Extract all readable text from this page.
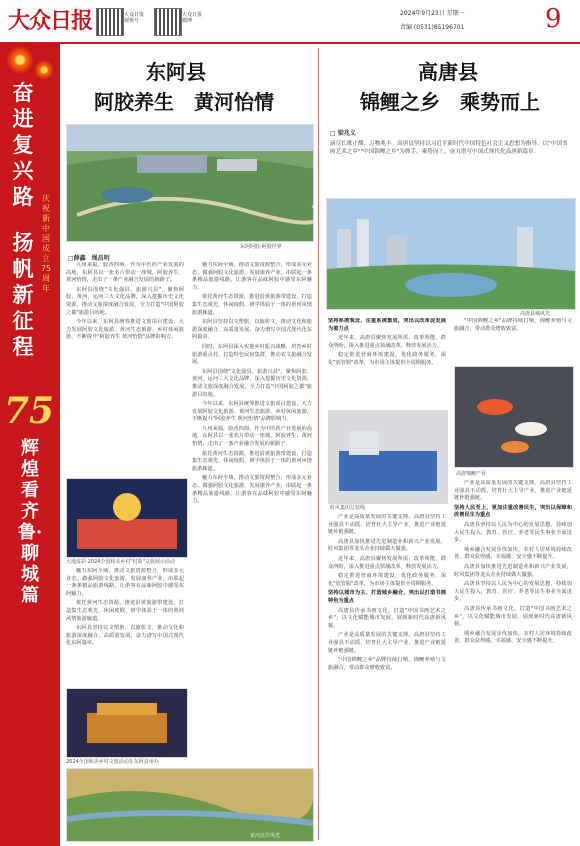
大众日报	大众日报视频号
大众日报微博
2024年9月23日 星期一
责编 (0531)85196701	9
奋进复兴路 庆祝新中国成立75周年
扬帆新征程
75
辉煌看齐鲁·聊城篇
东阿县
阿胶养生　黄河怡情
东阿阿胶·阿胶世界
□薛鑫　绳昌明

九州来福，胶香四海。作为中医药产业发展的高地，东阿县以一张名片带动一座城，阿胶养生、黄河怡情，走出了一条产业融合发展的新路子。

东阿县围绕"文化强县、旅游兴县"，聚焦阿胶、黄河、运河三大文化品牌，深入挖掘历史文化资源，推动文旅深度融合发展，全力打造"中国阿胶之都"旅游目的地。

今年以来，东阿县统筹推进文旅项目建设，大力发展阿胶文化旅游、黄河生态旅游、乡村休闲旅游，不断提升"阿胶养生 黄河怡情"品牌影响力。

魅力东阿全域，推动文旅资源整合，形成多元业态。做强阿胶文化旅游，发展康养产业，串联起一条条精品旅游线路，让游客在品味阿胶中感受东阿魅力。

依托黄河生态资源，推进沿黄旅游带建设，打造集生态观光、休闲度假、研学体验于一体的黄河风情旅游廊道。

东阿县坚持以文塑旅、以旅彰文，推动文化和旅游深度融合、高质量发展，奋力谱写中国式现代化东阿篇章。

同时，东阿县深入实施乡村振兴战略，培育乡村旅游重点村，打造特色民宿集群，推动农文旅融合发展。

东阿县围绕"文化强县、旅游兴县"，聚焦阿胶、黄河、运河三大文化品牌，深入挖掘历史文化资源，推动文旅深度融合发展，全力打造"中国阿胶之都"旅游目的地。

今年以来，东阿县统筹推进文旅项目建设，大力发展阿胶文化旅游、黄河生态旅游、乡村休闲旅游，不断提升"阿胶养生 黄河怡情"品牌影响力。

九州来福，胶香四海。作为中医药产业发展的高地，东阿县以一张名片带动一座城，阿胶养生、黄河怡情，走出了一条产业融合发展的新路子。

依托黄河生态资源，推进沿黄旅游带建设，打造集生态观光、休闲度假、研学体验于一体的黄河风情旅游廊道。

魅力东阿全域，推动文旅资源整合，形成多元业态。做强阿胶文化旅游，发展康养产业，串联起一条条精品旅游线路，让游客在品味阿胶中感受东阿魅力。

大地流彩·2024全国和美乡村"村晤"文旅展示活动

魅力东阿全域，推动文旅资源整合，形成多元业态。做强阿胶文化旅游，发展康养产业，串联起一条条精品旅游线路，让游客在品味阿胶中感受东阿魅力。

依托黄河生态资源，推进沿黄旅游带建设，打造集生态观光、休闲度假、研学体验于一体的黄河风情旅游廊道。

东阿县坚持以文塑旅、以旅彰文，推动文化和旅游深度融合、高质量发展，奋力谱写中国式现代化东阿篇章。

2024全国和美乡村文旅活动在东阿县举办
黄河北岸风光
高唐县
锦鲤之乡　乘势而上
□ 梁兆义
滴尽长歌正酣，万物兆丰。高唐县坚持以习近平新时代中国特色社会主义思想为指导，以"中国书画艺术之乡""中国锦鲤之乡"为抓手，乘势而上，奋力谱写中国式现代化高唐新篇章。
高唐县城风光

坚持系统观念、注重系统集成，突出以改革促发展为着力点

近年来，高唐县聚焦发展所需、改革所能、群众所盼，深入推进重点领域改革，释放发展活力。

稳定推进营商环境建设，优化政务服务，深化"放管服"改革，为市场主体提供全周期服务。

时风集团总装线

产业是高质量发展的关键支撑。高唐县坚持工业强县不动摇，培育壮大主导产业，推进产业链延链补链强链。

高唐县加快推进先进制造业和新兴产业发展，时风集团等龙头企业持续做大做强。

近年来，高唐县聚焦发展所需、改革所能、群众所盼，深入推进重点领域改革，释放发展活力。

稳定推进营商环境建设，优化政务服务，深化"放管服"改革，为市场主体提供全周期服务。

坚持以城市为主、打造城乡融合，突出以打造书画特色为重点

高唐县传承书画文化，打造"中国书画艺术之乡"，以文化赋能城市发展，展现新时代高唐新风貌。

产业是高质量发展的关键支撑。高唐县坚持工业强县不动摇，培育壮大主导产业，推进产业链延链补链强链。

"中国锦鲤之乡"品牌持续打响，锦鲤养殖与文旅融合，带动群众增收致富。

"中国锦鲤之乡"品牌持续打响，锦鲤养殖与文旅融合，带动群众增收致富。

高唐锦鲤产业

产业是高质量发展的关键支撑。高唐县坚持工业强县不动摇，培育壮大主导产业，推进产业链延链补链强链。

坚持人民至上、更加注重改善民生，突出以保障和改善民生为重点

高唐县坚持以人民为中心的发展思想，持续加大民生投入，教育、医疗、养老等民生事业全面进步。

城乡融合发展步伐加快，农村人居环境持续改善，群众获得感、幸福感、安全感不断提升。

高唐县加快推进先进制造业和新兴产业发展，时风集团等龙头企业持续做大做强。

高唐县坚持以人民为中心的发展思想，持续加大民生投入，教育、医疗、养老等民生事业全面进步。

高唐县传承书画文化，打造"中国书画艺术之乡"，以文化赋能城市发展，展现新时代高唐新风貌。

城乡融合发展步伐加快，农村人居环境持续改善，群众获得感、幸福感、安全感不断提升。
